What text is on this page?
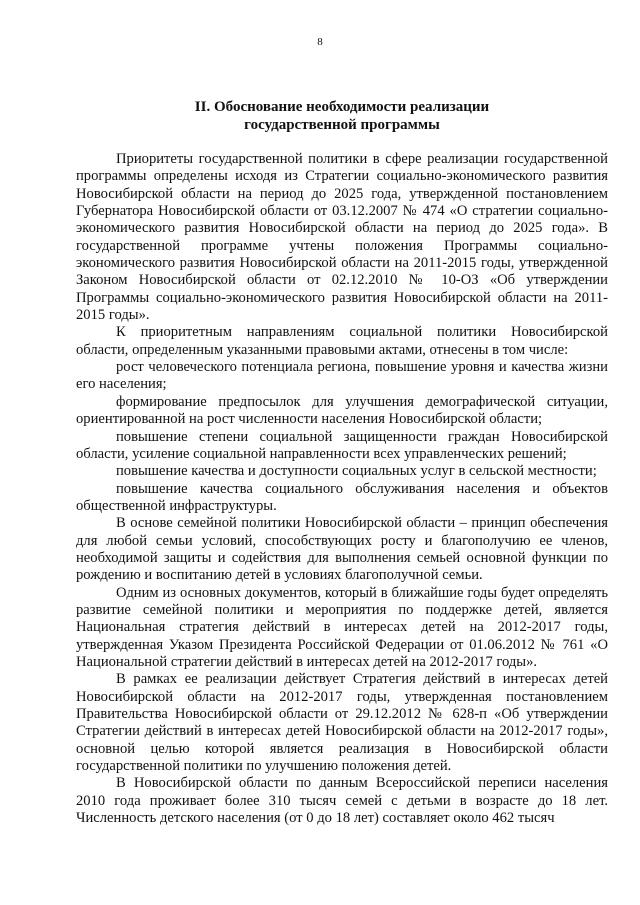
8
II. Обоснование необходимости реализации
государственной программы

Приоритеты государственной политики в сфере реализации государственной программы определены исходя из Стратегии социально-экономического развития Новосибирской области на период до 2025 года, утвержденной постановлением Губернатора Новосибирской области от 03.12.2007 № 474 «О стратегии социально-экономического развития Новосибирской области на период до 2025 года». В государственной программе учтены положения Программы социально-экономического развития Новосибирской области на 2011-2015 годы, утвержденной Законом Новосибирской области от 02.12.2010 № 10-ОЗ «Об утверждении Программы социально-экономического развития Новосибирской области на 2011-2015 годы».

К приоритетным направлениям социальной политики Новосибирской области, определенным указанными правовыми актами, отнесены в том числе:

рост человеческого потенциала региона, повышение уровня и качества жизни его населения;

формирование предпосылок для улучшения демографической ситуации, ориентированной на рост численности населения Новосибирской области;

повышение степени социальной защищенности граждан Новосибирской области, усиление социальной направленности всех управленческих решений;

повышение качества и доступности социальных услуг в сельской местности;

повышение качества социального обслуживания населения и объектов общественной инфраструктуры.

В основе семейной политики Новосибирской области – принцип обеспечения для любой семьи условий, способствующих росту и благополучию ее членов, необходимой защиты и содействия для выполнения семьей основной функции по рождению и воспитанию детей в условиях благополучной семьи.

Одним из основных документов, который в ближайшие годы будет определять развитие семейной политики и мероприятия по поддержке детей, является Национальная стратегия действий в интересах детей на 2012-2017 годы, утвержденная Указом Президента Российской Федерации от 01.06.2012 № 761 «О Национальной стратегии действий в интересах детей на 2012-2017 годы».

В рамках ее реализации действует Стратегия действий в интересах детей Новосибирской области на 2012-2017 годы, утвержденная постановлением Правительства Новосибирской области от 29.12.2012 № 628-п «Об утверждении Стратегии действий в интересах детей Новосибирской области на 2012-2017 годы», основной целью которой является реализация в Новосибирской области государственной политики по улучшению положения детей.

В Новосибирской области по данным Всероссийской переписи населения 2010 года проживает более 310 тысяч семей с детьми в возрасте до 18 лет. Численность детского населения (от 0 до 18 лет) составляет около 462 тысяч
